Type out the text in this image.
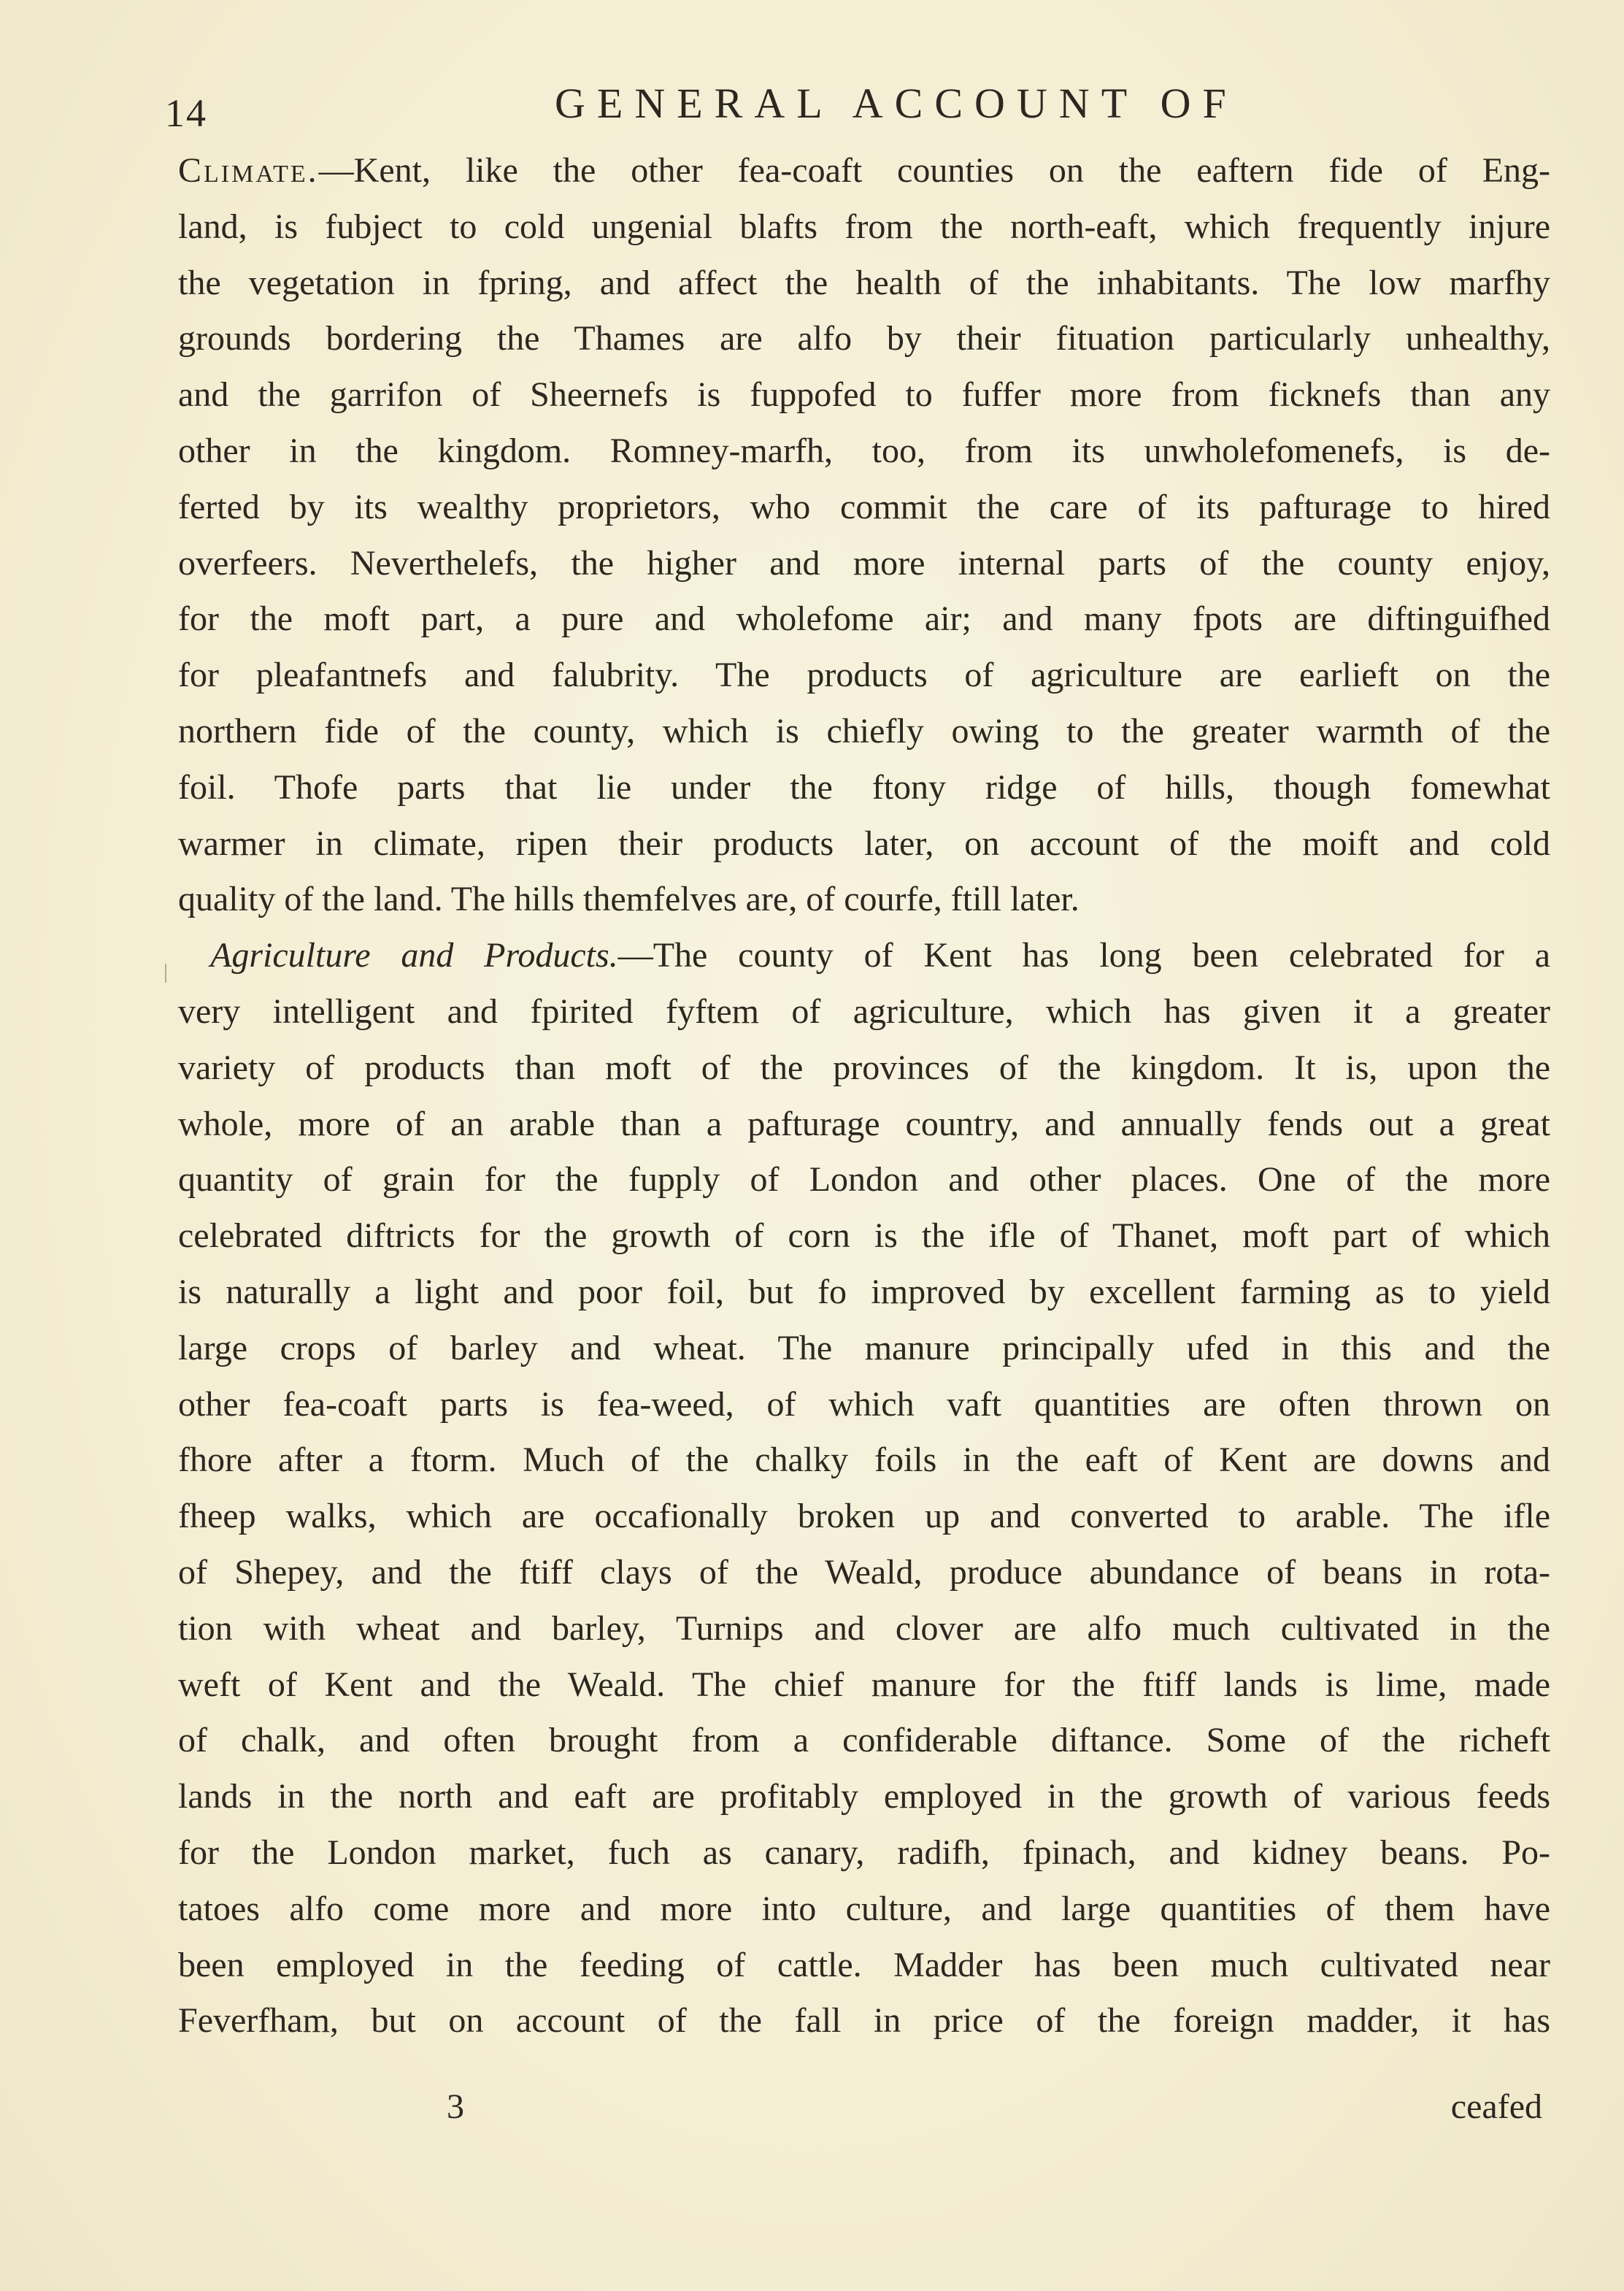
14	GENERAL ACCOUNT OF
Climate.—Kent, like the other fea-coaft counties on the eaftern fide of Eng-
land, is fubject to cold ungenial blafts from the north-eaft, which frequently injure
the vegetation in fpring, and affect the health of the inhabitants. The low marfhy
grounds bordering the Thames are alfo by their fituation particularly unhealthy,
and the garrifon of Sheernefs is fuppofed to fuffer more from ficknefs than any
other in the kingdom. Romney-marfh, too, from its unwholefomenefs, is de-
ferted by its wealthy proprietors, who commit the care of its pafturage to hired
overfeers. Neverthelefs, the higher and more internal parts of the county enjoy,
for the moft part, a pure and wholefome air; and many fpots are diftinguifhed
for pleafantnefs and falubrity. The products of agriculture are earlieft on the
northern fide of the county, which is chiefly owing to the greater warmth of the
foil. Thofe parts that lie under the ftony ridge of hills, though fomewhat
warmer in climate, ripen their products later, on account of the moift and cold
quality of the land. The hills themfelves are, of courfe, ftill later.
Agriculture and Products.—The county of Kent has long been celebrated for a
very intelligent and fpirited fyftem of agriculture, which has given it a greater
variety of products than moft of the provinces of the kingdom. It is, upon the
whole, more of an arable than a pafturage country, and annually fends out a great
quantity of grain for the fupply of London and other places. One of the more
celebrated diftricts for the growth of corn is the ifle of Thanet, moft part of which
is naturally a light and poor foil, but fo improved by excellent farming as to yield
large crops of barley and wheat. The manure principally ufed in this and the
other fea-coaft parts is fea-weed, of which vaft quantities are often thrown on
fhore after a ftorm. Much of the chalky foils in the eaft of Kent are downs and
fheep walks, which are occafionally broken up and converted to arable. The ifle
of Shepey, and the ftiff clays of the Weald, produce abundance of beans in rota-
tion with wheat and barley, Turnips and clover are alfo much cultivated in the
weft of Kent and the Weald. The chief manure for the ftiff lands is lime, made
of chalk, and often brought from a confiderable diftance. Some of the richeft
lands in the north and eaft are profitably employed in the growth of various feeds
for the London market, fuch as canary, radifh, fpinach, and kidney beans. Po-
tatoes alfo come more and more into culture, and large quantities of them have
been employed in the feeding of cattle. Madder has been much cultivated near
Feverfham, but on account of the fall in price of the foreign madder, it has
3	ceafed
